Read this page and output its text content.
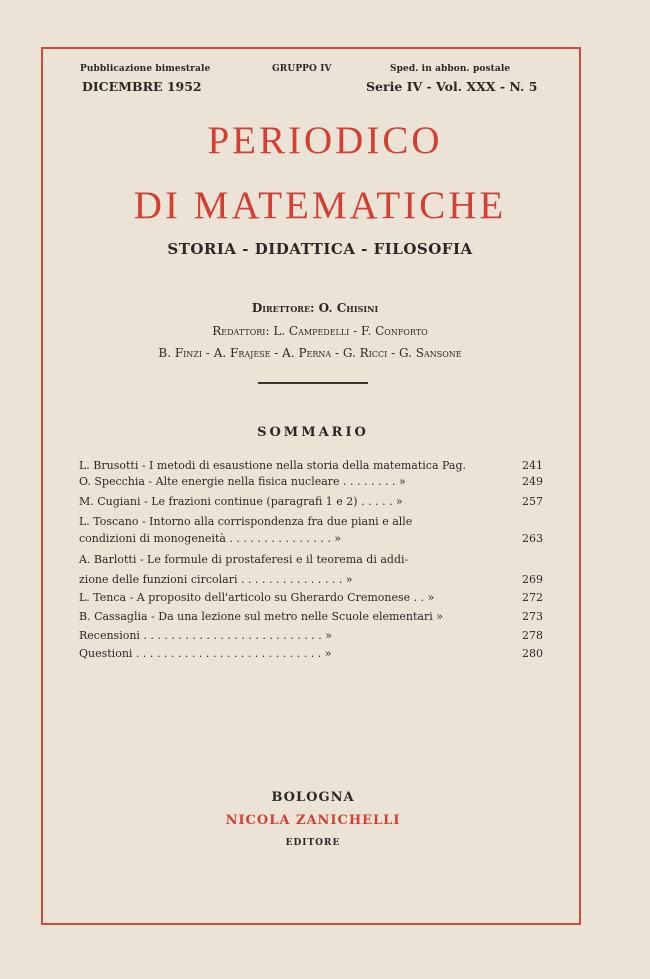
Pubblicazione bimestrale	GRUPPO IV	Sped. in abbon. postale
DICEMBRE 1952	Serie IV - Vol. XXX - N. 5
PERIODICO
DI MATEMATICHE
STORIA - DIDATTICA - FILOSOFIA
Direttore: O. Chisini
Redattori: L. Campedelli - F. Conforto
B. Finzi - A. Frajese - A. Perna - G. Ricci - G. Sansone
SOMMARIO
L. Brusotti - I metodi di esaustione nella storia della matematica Pag.	241
O. Specchia - Alte energie nella fisica nucleare . . . . . . . . »	249
M. Cugiani - Le frazioni continue (paragrafi 1 e 2) . . . . . »	257
L. Toscano - Intorno alla corrispondenza fra due piani e alle
condizioni di monogeneità . . . . . . . . . . . . . . . »	263
A. Barlotti - Le formule di prostaferesi e il teorema di addi-
zione delle funzioni circolari . . . . . . . . . . . . . . . »	269
L. Tenca - A proposito dell'articolo su Gherardo Cremonese . . »	272
B. Cassaglia - Da una lezione sul metro nelle Scuole elementari »	273
Recensioni . . . . . . . . . . . . . . . . . . . . . . . . . . »	278
Questioni . . . . . . . . . . . . . . . . . . . . . . . . . . . »	280
BOLOGNA
NICOLA ZANICHELLI
EDITORE
